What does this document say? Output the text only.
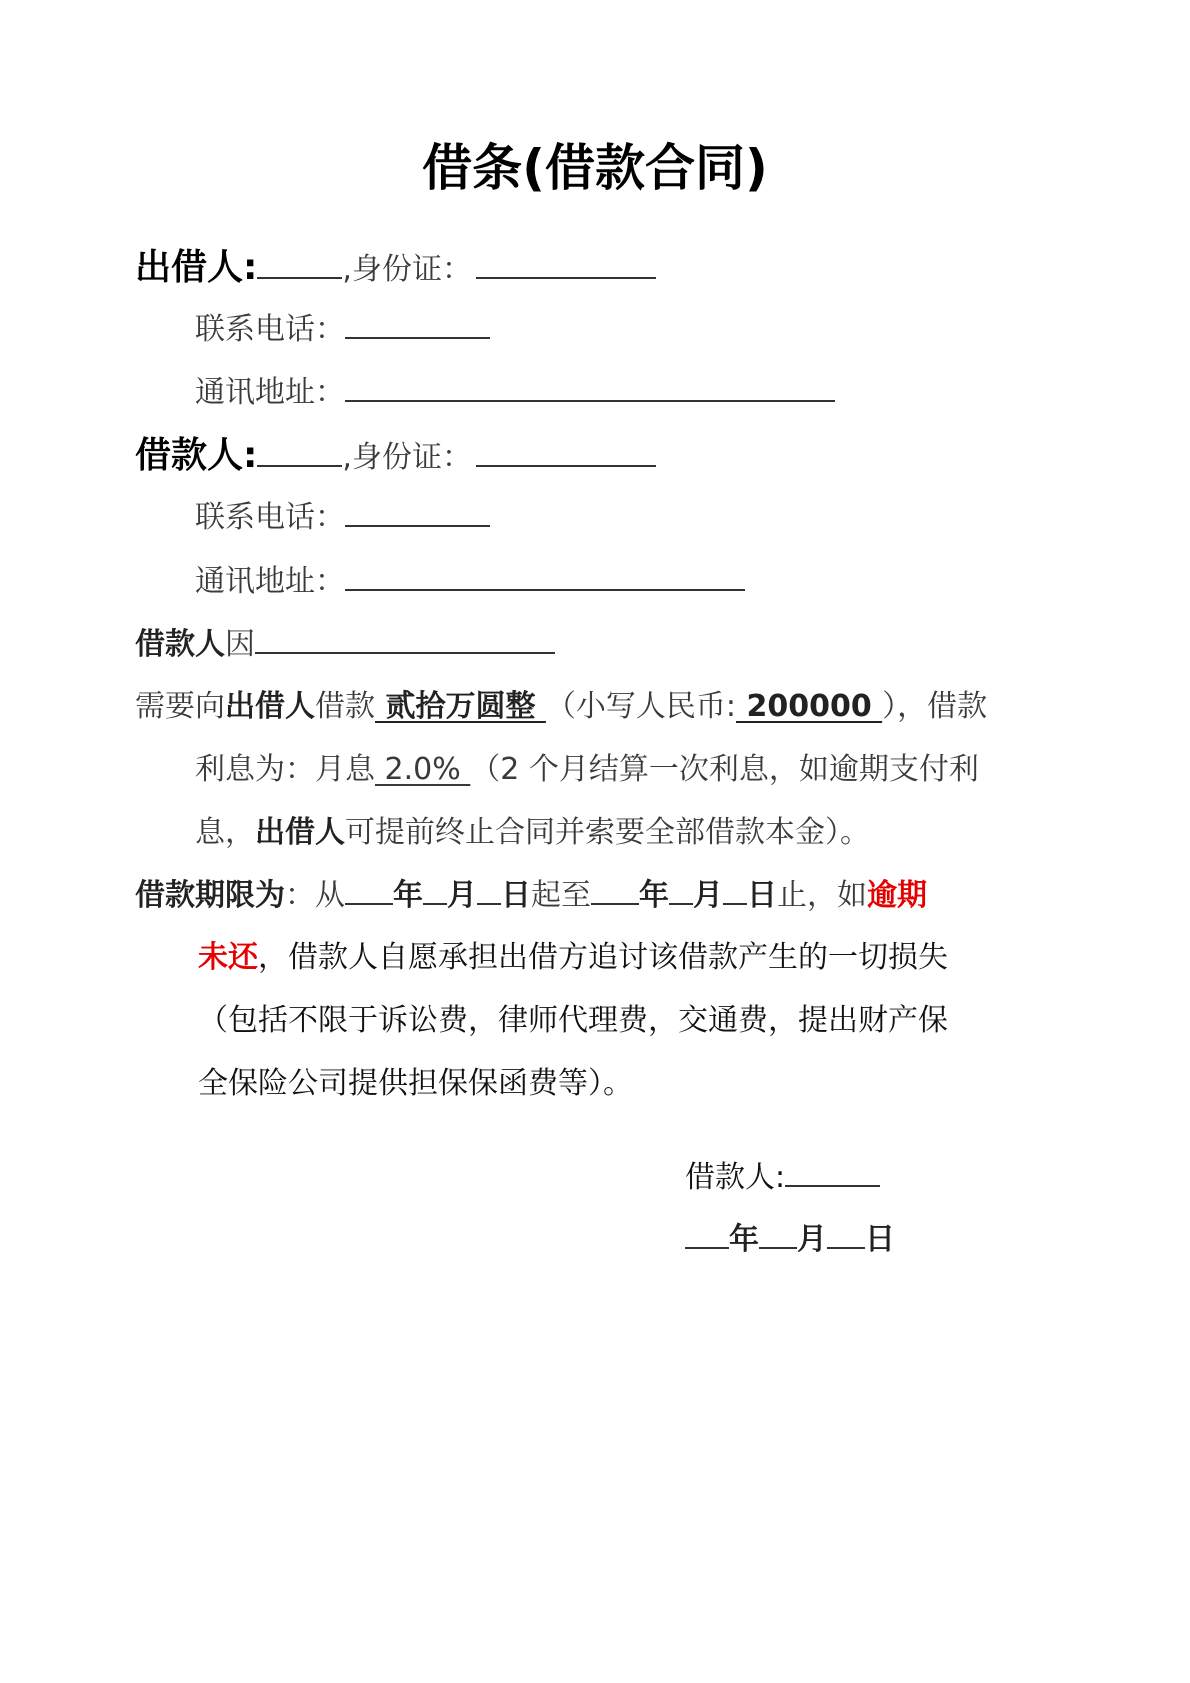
借条(借款合同)
出借人:	,身份证：
联系电话：
通讯地址：
借款人:	,身份证：
联系电话：
通讯地址：
借款人因
需要向出借人借款 贰拾万圆整 （小写人民币: 200000 ），借款
利息为：月息 2.0% （2 个月结算一次利息，如逾期支付利
息，出借人可提前终止合同并索要全部借款本金）。
借款期限为：从 年 月 日起至 年 月 日止，如逾期
未还，借款人自愿承担出借方追讨该借款产生的一切损失
（包括不限于诉讼费，律师代理费，交通费，提出财产保
全保险公司提供担保保函费等）。
借款人:
年 月 日
